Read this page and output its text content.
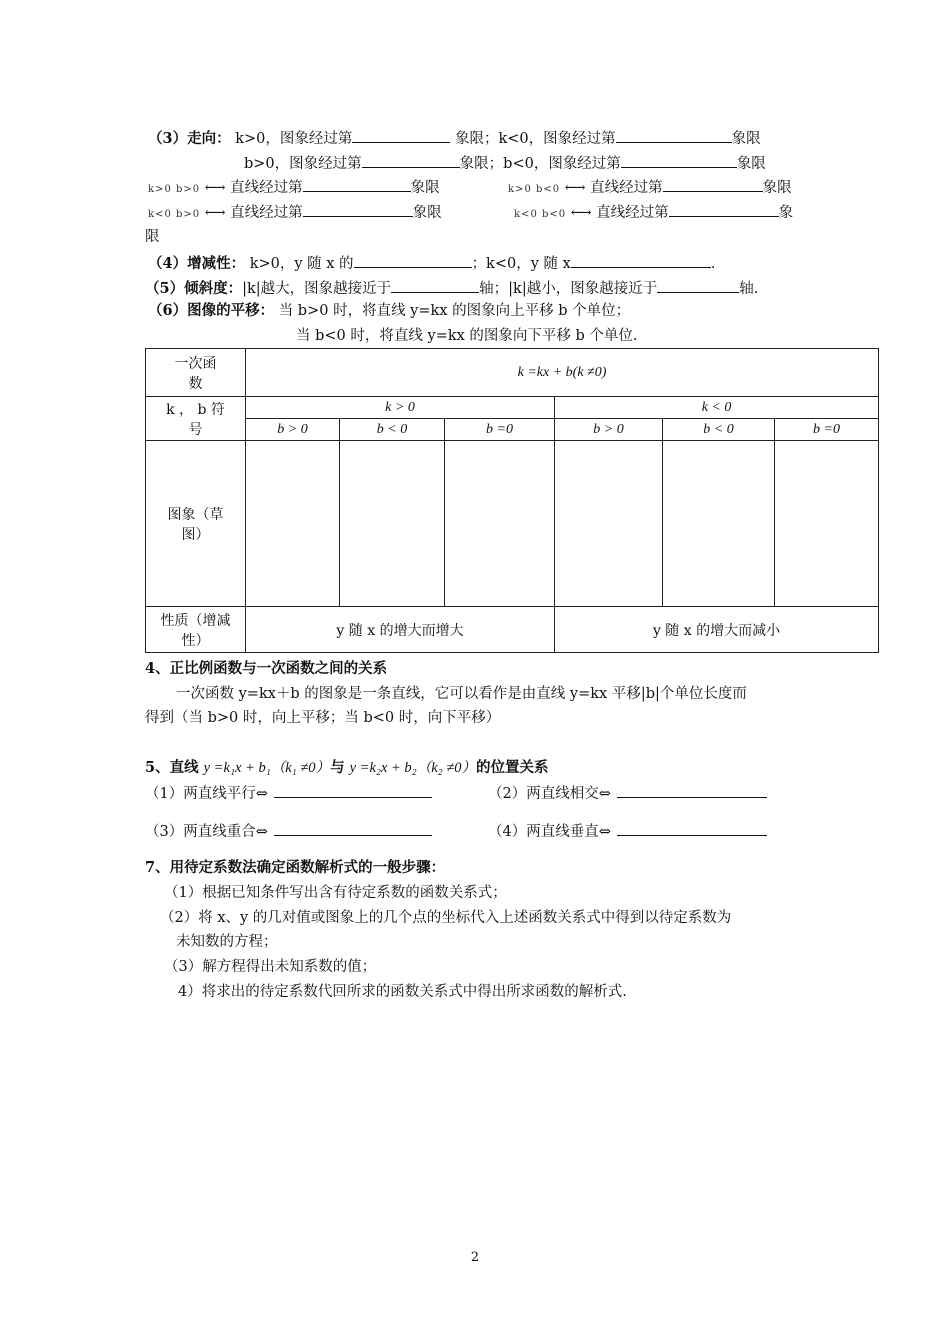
（3）走向： k>0，图象经过第	象限；k<0，图象经过第	象限
b>0，图象经过第	象限；b<0，图象经过第	象限
k>0 b>0 ⟷ 直线经过第	象限	k>0 b<0 ⟷ 直线经过第	象限
k<0 b>0 ⟷ 直线经过第	象限	k<0 b<0 ⟷ 直线经过第	象
限
（4）增减性： k>0，y 随 x 的	；k<0，y 随 x	.
（5）倾斜度：|k|越大，图象越接近于	轴；|k|越小，图象越接近于	轴.
（6）图像的平移： 当 b>0 时，将直线 y=kx 的图象向上平移 b 个单位；
当 b<0 时，将直线 y=kx 的图象向下平移 b 个单位.
一次函数	k =kx + b(k ≠0)					
k ， b 符号	k > 0			k < 0		
	b > 0	b < 0	b =0	b > 0	b < 0	b =0
图象（草图）						
性质（增减性）	y 随 x 的增大而增大			y 随 x 的增大而减小		
4、正比例函数与一次函数之间的关系
一次函数 y=kx＋b 的图象是一条直线，它可以看作是由直线 y=kx 平移|b|个单位长度而
得到（当 b>0 时，向上平移；当 b<0 时，向下平移）
5、直线 y =k₁x + b₁（k₁ ≠0）与 y =k₂x + b₂（k₂ ≠0）的位置关系
（1）两直线平行⇔	（2）两直线相交⇔
（3）两直线重合⇔	（4）两直线垂直⇔
7、用待定系数法确定函数解析式的一般步骤：
（1）根据已知条件写出含有待定系数的函数关系式；
（2）将 x、y 的几对值或图象上的几个点的坐标代入上述函数关系式中得到以待定系数为
未知数的方程；
（3）解方程得出未知系数的值；
4）将求出的待定系数代回所求的函数关系式中得出所求函数的解析式.
2
